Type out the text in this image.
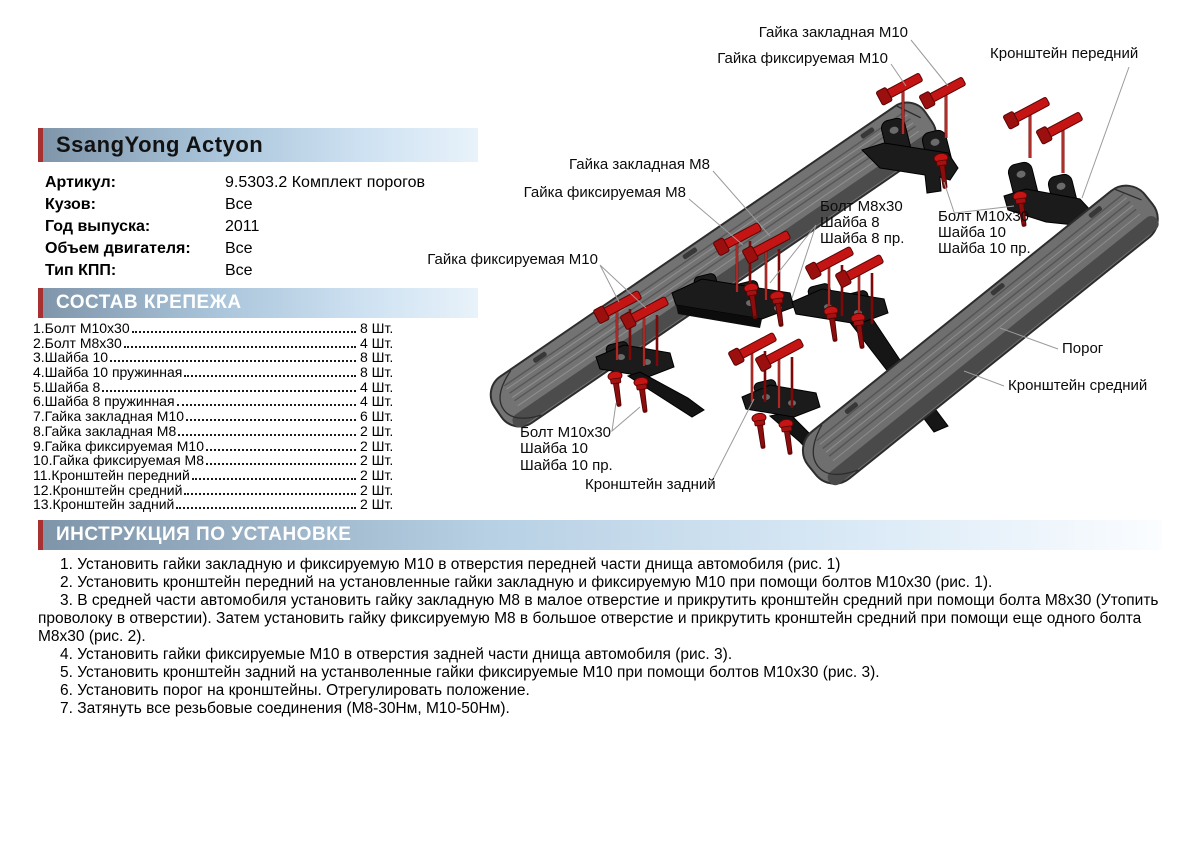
SsangYong Actyon
Артикул:	9.5303.2 Комплект порогов
Кузов:	Все
Год выпуска:	2011
Объем двигателя:	Все
Тип КПП:	Все
СОСТАВ КРЕПЕЖА
1.Болт М10х30	8 Шт.
2.Болт М8х30	4 Шт.
3.Шайба 10	8 Шт.
4.Шайба 10 пружинная	8 Шт.
5.Шайба 8	4 Шт.
6.Шайба 8 пружинная	4 Шт.
7.Гайка закладная М10	6 Шт.
8.Гайка закладная М8	2 Шт.
9.Гайка фиксируемая М10	2 Шт.
10.Гайка фиксируемая М8	2 Шт.
11.Кронштейн передний	2 Шт.
12.Кронштейн средний	2 Шт.
13.Кронштейн задний	2 Шт.
Гайка закладная М10
Гайка фиксируемая М10	Кронштейн передний
Гайка закладная М8
Гайка фиксируемая М8
Гайка фиксируемая М10
Болт М8х30
Шайба 8
Шайба 8 пр.
Болт М10х30
Шайба 10
Шайба 10 пр.
Порог
Кронштейн средний
Болт М10х30
Шайба 10
Шайба 10 пр.
Кронштейн задний
ИНСТРУКЦИЯ ПО УСТАНОВКЕ

1. Установить гайки закладную и фиксируемую М10 в отверстия передней части днища автомобиля (рис. 1)

2. Установить кронштейн передний на установленные гайки закладную и фиксируемую М10 при помощи болтов М10х30 (рис. 1).

3. В средней части автомобиля установить гайку закладную М8 в малое отверстие и прикрутить кронштейн средний при помощи болта М8х30 (Утопить проволоку в отверстии). Затем установить гайку фиксируемую М8 в большое отверстие и прикрутить кронштейн средний при помощи еще одного болта М8х30 (рис. 2).

4. Установить гайки фиксируемые М10 в отверстия задней части днища автомобиля (рис. 3).

5. Установить кронштейн задний на устанволенные гайки фиксируемые М10 при помощи болтов М10х30 (рис. 3).

6. Установить порог на кронштейны. Отрегулировать положение.

7. Затянуть все резьбовые соединения (М8-30Нм, М10-50Нм).
